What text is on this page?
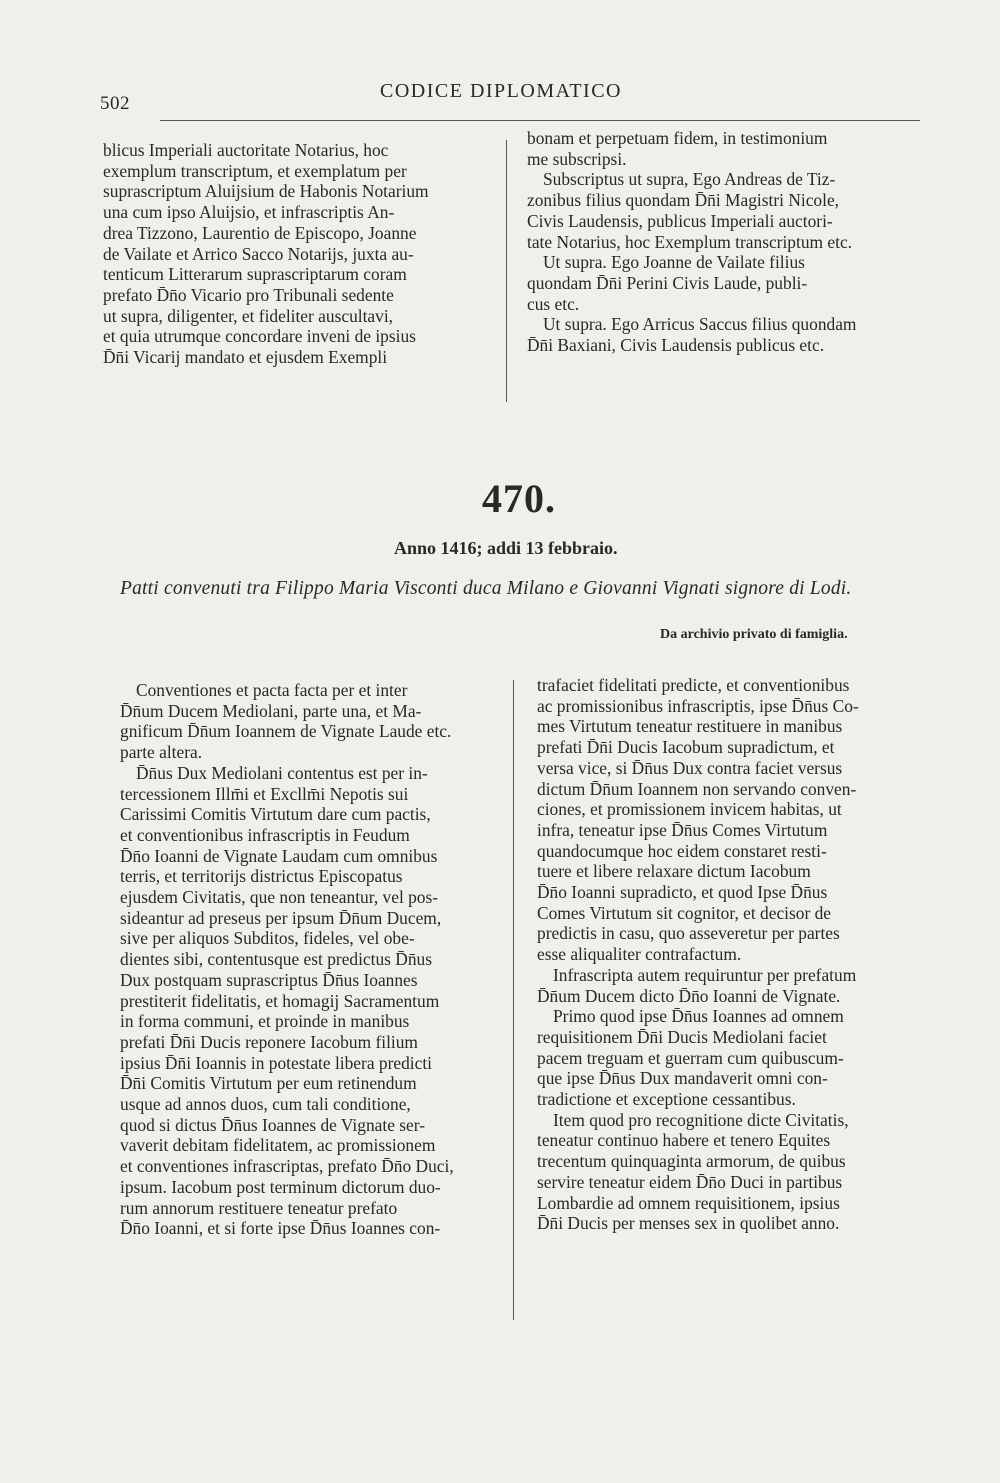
502
CODICE DIPLOMATICO
blicus Imperiali auctoritate Notarius, hoc
exemplum transcriptum, et exemplatum per
suprascriptum Aluijsium de Habonis Notarium
una cum ipso Aluijsio, et infrascriptis An-
drea Tizzono, Laurentio de Episcopo, Joanne
de Vailate et Arrico Sacco Notarijs, juxta au-
tenticum Litterarum suprascriptarum coram
prefato D̄n̄o Vicario pro Tribunali sedente
ut supra, diligenter, et fideliter auscultavi,
et quia utrumque concordare inveni de ipsius
D̄n̄i Vicarij mandato et ejusdem Exempli
bonam et perpetuam fidem, in testimonium
me subscripsi.
Subscriptus ut supra, Ego Andreas de Tiz-
zonibus filius quondam D̄n̄i Magistri Nicole,
Civis Laudensis, publicus Imperiali auctori-
tate Notarius, hoc Exemplum transcriptum etc.
Ut supra. Ego Joanne de Vailate filius
quondam D̄n̄i Perini Civis Laude, publi-
cus etc.
Ut supra. Ego Arricus Saccus filius quondam
D̄n̄i Baxiani, Civis Laudensis publicus etc.
470.
Anno 1416; addi 13 febbraio.
Patti convenuti tra Filippo Maria Visconti duca Milano e Giovanni Vignati signore di Lodi.
Da archivio privato di famiglia.
Conventiones et pacta facta per et inter
D̄n̄um Ducem Mediolani, parte una, et Ma-
gnificum D̄n̄um Ioannem de Vignate Laude etc.
parte altera.
D̄n̄us Dux Mediolani contentus est per in-
tercessionem Illm̄i et Excllm̄i Nepotis sui
Carissimi Comitis Virtutum dare cum pactis,
et conventionibus infrascriptis in Feudum
D̄n̄o Ioanni de Vignate Laudam cum omnibus
terris, et territorijs districtus Episcopatus
ejusdem Civitatis, que non teneantur, vel pos-
sideantur ad preseus per ipsum D̄n̄um Ducem,
sive per aliquos Subditos, fideles, vel obe-
dientes sibi, contentusque est predictus D̄n̄us
Dux postquam suprascriptus D̄n̄us Ioannes
prestiterit fidelitatis, et homagij Sacramentum
in forma communi, et proinde in manibus
prefati D̄n̄i Ducis reponere Iacobum filium
ipsius D̄n̄i Ioannis in potestate libera predicti
D̄n̄i Comitis Virtutum per eum retinendum
usque ad annos duos, cum tali conditione,
quod si dictus D̄n̄us Ioannes de Vignate ser-
vaverit debitam fidelitatem, ac promissionem
et conventiones infrascriptas, prefato D̄n̄o Duci,
ipsum. Iacobum post terminum dictorum duo-
rum annorum restituere teneatur prefato
D̄n̄o Ioanni, et si forte ipse D̄n̄us Ioannes con-
trafaciet fidelitati predicte, et conventionibus
ac promissionibus infrascriptis, ipse D̄n̄us Co-
mes Virtutum teneatur restituere in manibus
prefati D̄n̄i Ducis Iacobum supradictum, et
versa vice, si D̄n̄us Dux contra faciet versus
dictum D̄n̄um Ioannem non servando conven-
ciones, et promissionem invicem habitas, ut
infra, teneatur ipse D̄n̄us Comes Virtutum
quandocumque hoc eidem constaret resti-
tuere et libere relaxare dictum Iacobum
D̄n̄o Ioanni supradicto, et quod Ipse D̄n̄us
Comes Virtutum sit cognitor, et decisor de
predictis in casu, quo asseveretur per partes
esse aliqualiter contrafactum.
Infrascripta autem requiruntur per prefatum
D̄n̄um Ducem dicto D̄n̄o Ioanni de Vignate.
Primo quod ipse D̄n̄us Ioannes ad omnem
requisitionem D̄n̄i Ducis Mediolani faciet
pacem treguam et guerram cum quibuscum-
que ipse D̄n̄us Dux mandaverit omni con-
tradictione et exceptione cessantibus.
Item quod pro recognitione dicte Civitatis,
teneatur continuo habere et tenero Equites
trecentum quinquaginta armorum, de quibus
servire teneatur eidem D̄n̄o Duci in partibus
Lombardie ad omnem requisitionem, ipsius
D̄n̄i Ducis per menses sex in quolibet anno.
